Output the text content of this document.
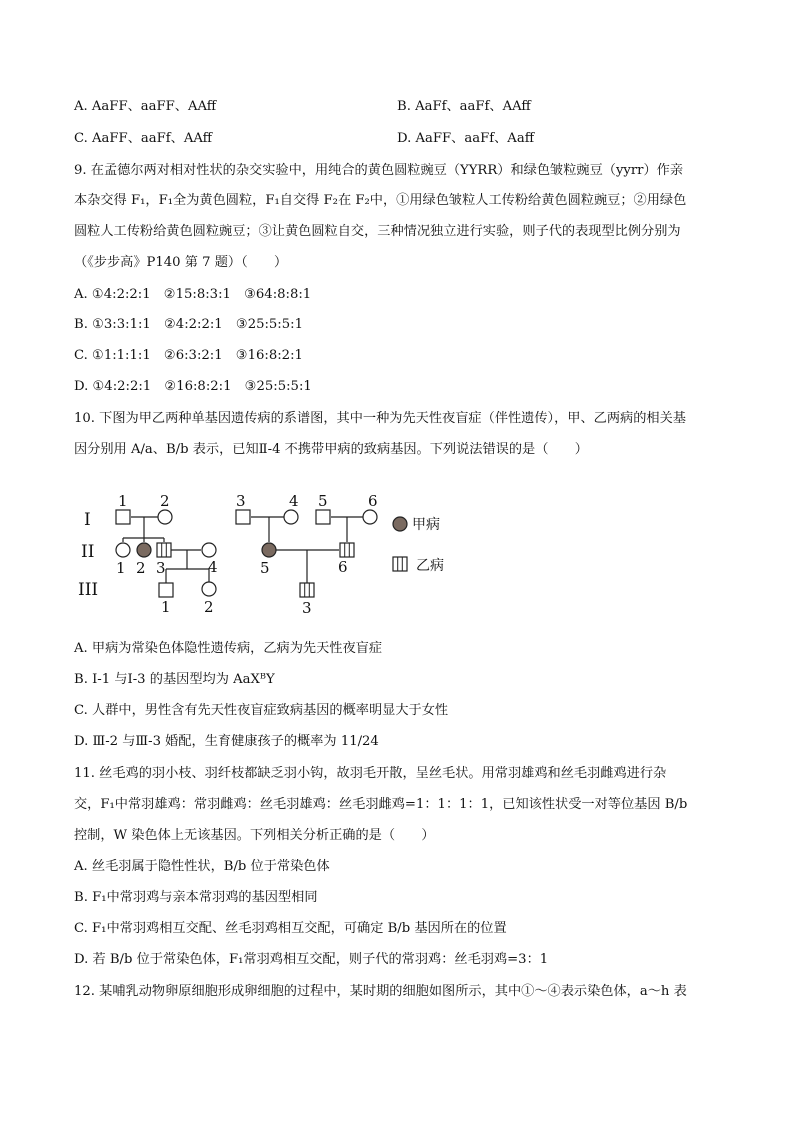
A. AaFF、aaFF、AAff	B. AaFf、aaFf、AAff
C. AaFF、aaFf、AAff	D. AaFF、aaFf、Aaff
9. 在孟德尔两对相对性状的杂交实验中，用纯合的黄色圆粒豌豆（YYRR）和绿色皱粒豌豆（yyrr）作亲
本杂交得 F₁，F₁全为黄色圆粒，F₁自交得 F₂在 F₂中，①用绿色皱粒人工传粉给黄色圆粒豌豆；②用绿色
圆粒人工传粉给黄色圆粒豌豆；③让黄色圆粒自交，三种情况独立进行实验，则子代的表现型比例分别为
（《步步高》P140 第 7 题）（　　）
A. ①4:2:2:1　②15:8:3:1　③64:8:8:1
B. ①3:3:1:1　②4:2:2:1　③25:5:5:1
C. ①1:1:1:1　②6:3:2:1　③16:8:2:1
D. ①4:2:2:1　②16:8:2:1　③25:5:5:1
10. 下图为甲乙两种单基因遗传病的系谱图，其中一种为先天性夜盲症（伴性遗传），甲、乙两病的相关基
因分别用 A/a、B/b 表示，已知Ⅱ-4 不携带甲病的致病基因。下列说法错误的是（　　）
I
II
III
1 2	3	4 5	6
1 2 3	4	5	6
1 2	3
甲病
乙病
A. 甲病为常染色体隐性遗传病，乙病为先天性夜盲症
B. Ⅰ-1 与Ⅰ-3 的基因型均为 AaXᴮY
C. 人群中，男性含有先天性夜盲症致病基因的概率明显大于女性
D. Ⅲ-2 与Ⅲ-3 婚配，生育健康孩子的概率为 11/24
11. 丝毛鸡的羽小枝、羽纤枝都缺乏羽小钩，故羽毛开散，呈丝毛状。用常羽雄鸡和丝毛羽雌鸡进行杂
交，F₁中常羽雄鸡：常羽雌鸡：丝毛羽雄鸡：丝毛羽雌鸡=1：1：1：1，已知该性状受一对等位基因 B/b
控制，W 染色体上无该基因。下列相关分析正确的是（　　）
A. 丝毛羽属于隐性性状，B/b 位于常染色体
B. F₁中常羽鸡与亲本常羽鸡的基因型相同
C. F₁中常羽鸡相互交配、丝毛羽鸡相互交配，可确定 B/b 基因所在的位置
D. 若 B/b 位于常染色体，F₁常羽鸡相互交配，则子代的常羽鸡：丝毛羽鸡=3：1
12. 某哺乳动物卵原细胞形成卵细胞的过程中，某时期的细胞如图所示，其中①～④表示染色体，a～h 表
